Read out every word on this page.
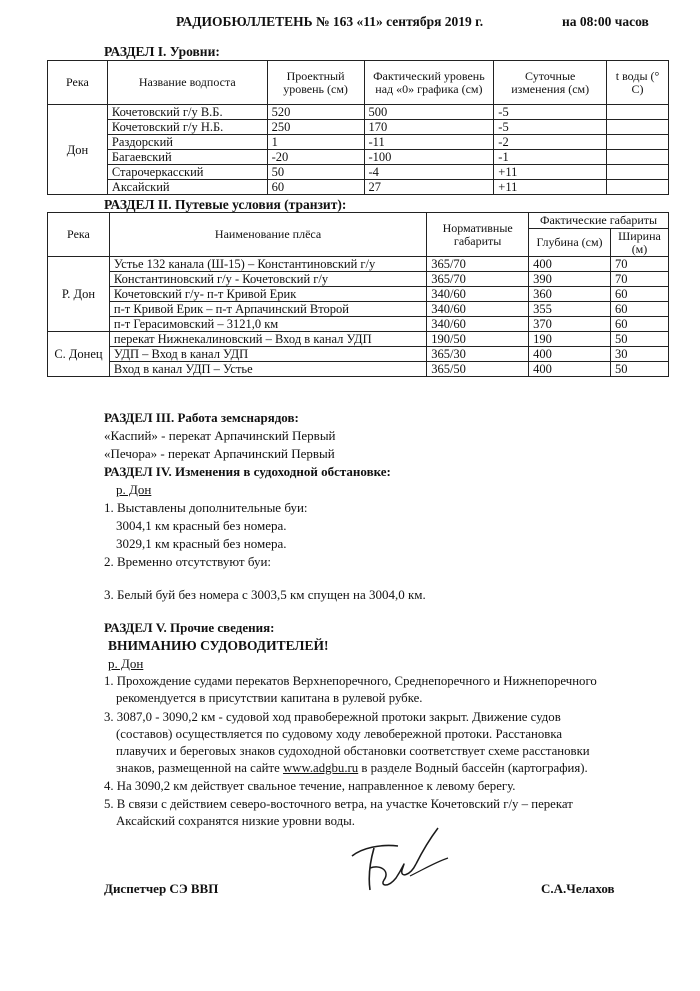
РАДИОБЮЛЛЕТЕНЬ № 163 «11» сентября 2019 г.	на 08:00 часов
РАЗДЕЛ I. Уровни:
Река	Название водпоста	Проектный уровень (см)	Фактический уровень над «0» графика (см)	Суточные изменения (см)	t воды (° C)
Дон	Кочетовский г/у В.Б.	520	500	-5	
	Кочетовский г/у Н.Б.	250	170	-5	
	Раздорский	1	-11	-2	
	Багаевский	-20	-100	-1	
	Старочеркасский	50	-4	+11	
	Аксайский	60	27	+11	
РАЗДЕЛ II. Путевые условия (транзит):
Река	Наименование плёса	Нормативные габариты	Фактические габариты	
			Глубина (см)	Ширина (м)
Р. Дон	Устье 132 канала (Ш-15) – Константиновский г/у	365/70	400	70
	Константиновский г/у - Кочетовский г/у	365/70	390	70
	Кочетовский г/у- п-т Кривой Ерик	340/60	360	60
	п-т Кривой Ерик – п-т Арпачинский Второй	340/60	355	60
	п-т Герасимовский – 3121,0 км	340/60	370	60
С. Донец	перекат Нижнекалиновский – Вход в канал УДП	190/50	190	50
	УДП – Вход в канал УДП	365/30	400	30
	Вход в канал УДП – Устье	365/50	400	50
РАЗДЕЛ III. Работа земснарядов:
«Каспий» - перекат Арпачинский Первый
«Печора» - перекат Арпачинский Первый
РАЗДЕЛ IV. Изменения в судоходной обстановке:
р. Дон
1. Выставлены дополнительные буи:
3004,1 км красный без номера.
3029,1 км красный без номера.
2. Временно отсутствуют буи:
3. Белый буй без номера с 3003,5 км спущен на 3004,0 км.
РАЗДЕЛ V. Прочие сведения:
ВНИМАНИЮ СУДОВОДИТЕЛЕЙ!
р. Дон
1. Прохождение судами перекатов Верхнепоречного, Среднепоречного и Нижнепоречного
рекомендуется в присутствии капитана в рулевой рубке.
3. 3087,0 - 3090,2 км - судовой ход правобережной протоки закрыт. Движение судов
(составов) осуществляется по судовому ходу левобережной протоки. Расстановка
плавучих и береговых знаков судоходной обстановки соответствует схеме расстановки
знаков, размещенной на сайте www.adgbu.ru в разделе Водный бассейн (картография).
4. На 3090,2 км действует свальное течение, направленное к левому берегу.
5. В связи с действием северо-восточного ветра, на участке Кочетовский г/у – перекат
Аксайский сохранятся низкие уровни воды.
Диспетчер СЭ ВВП	С.А.Челахов
